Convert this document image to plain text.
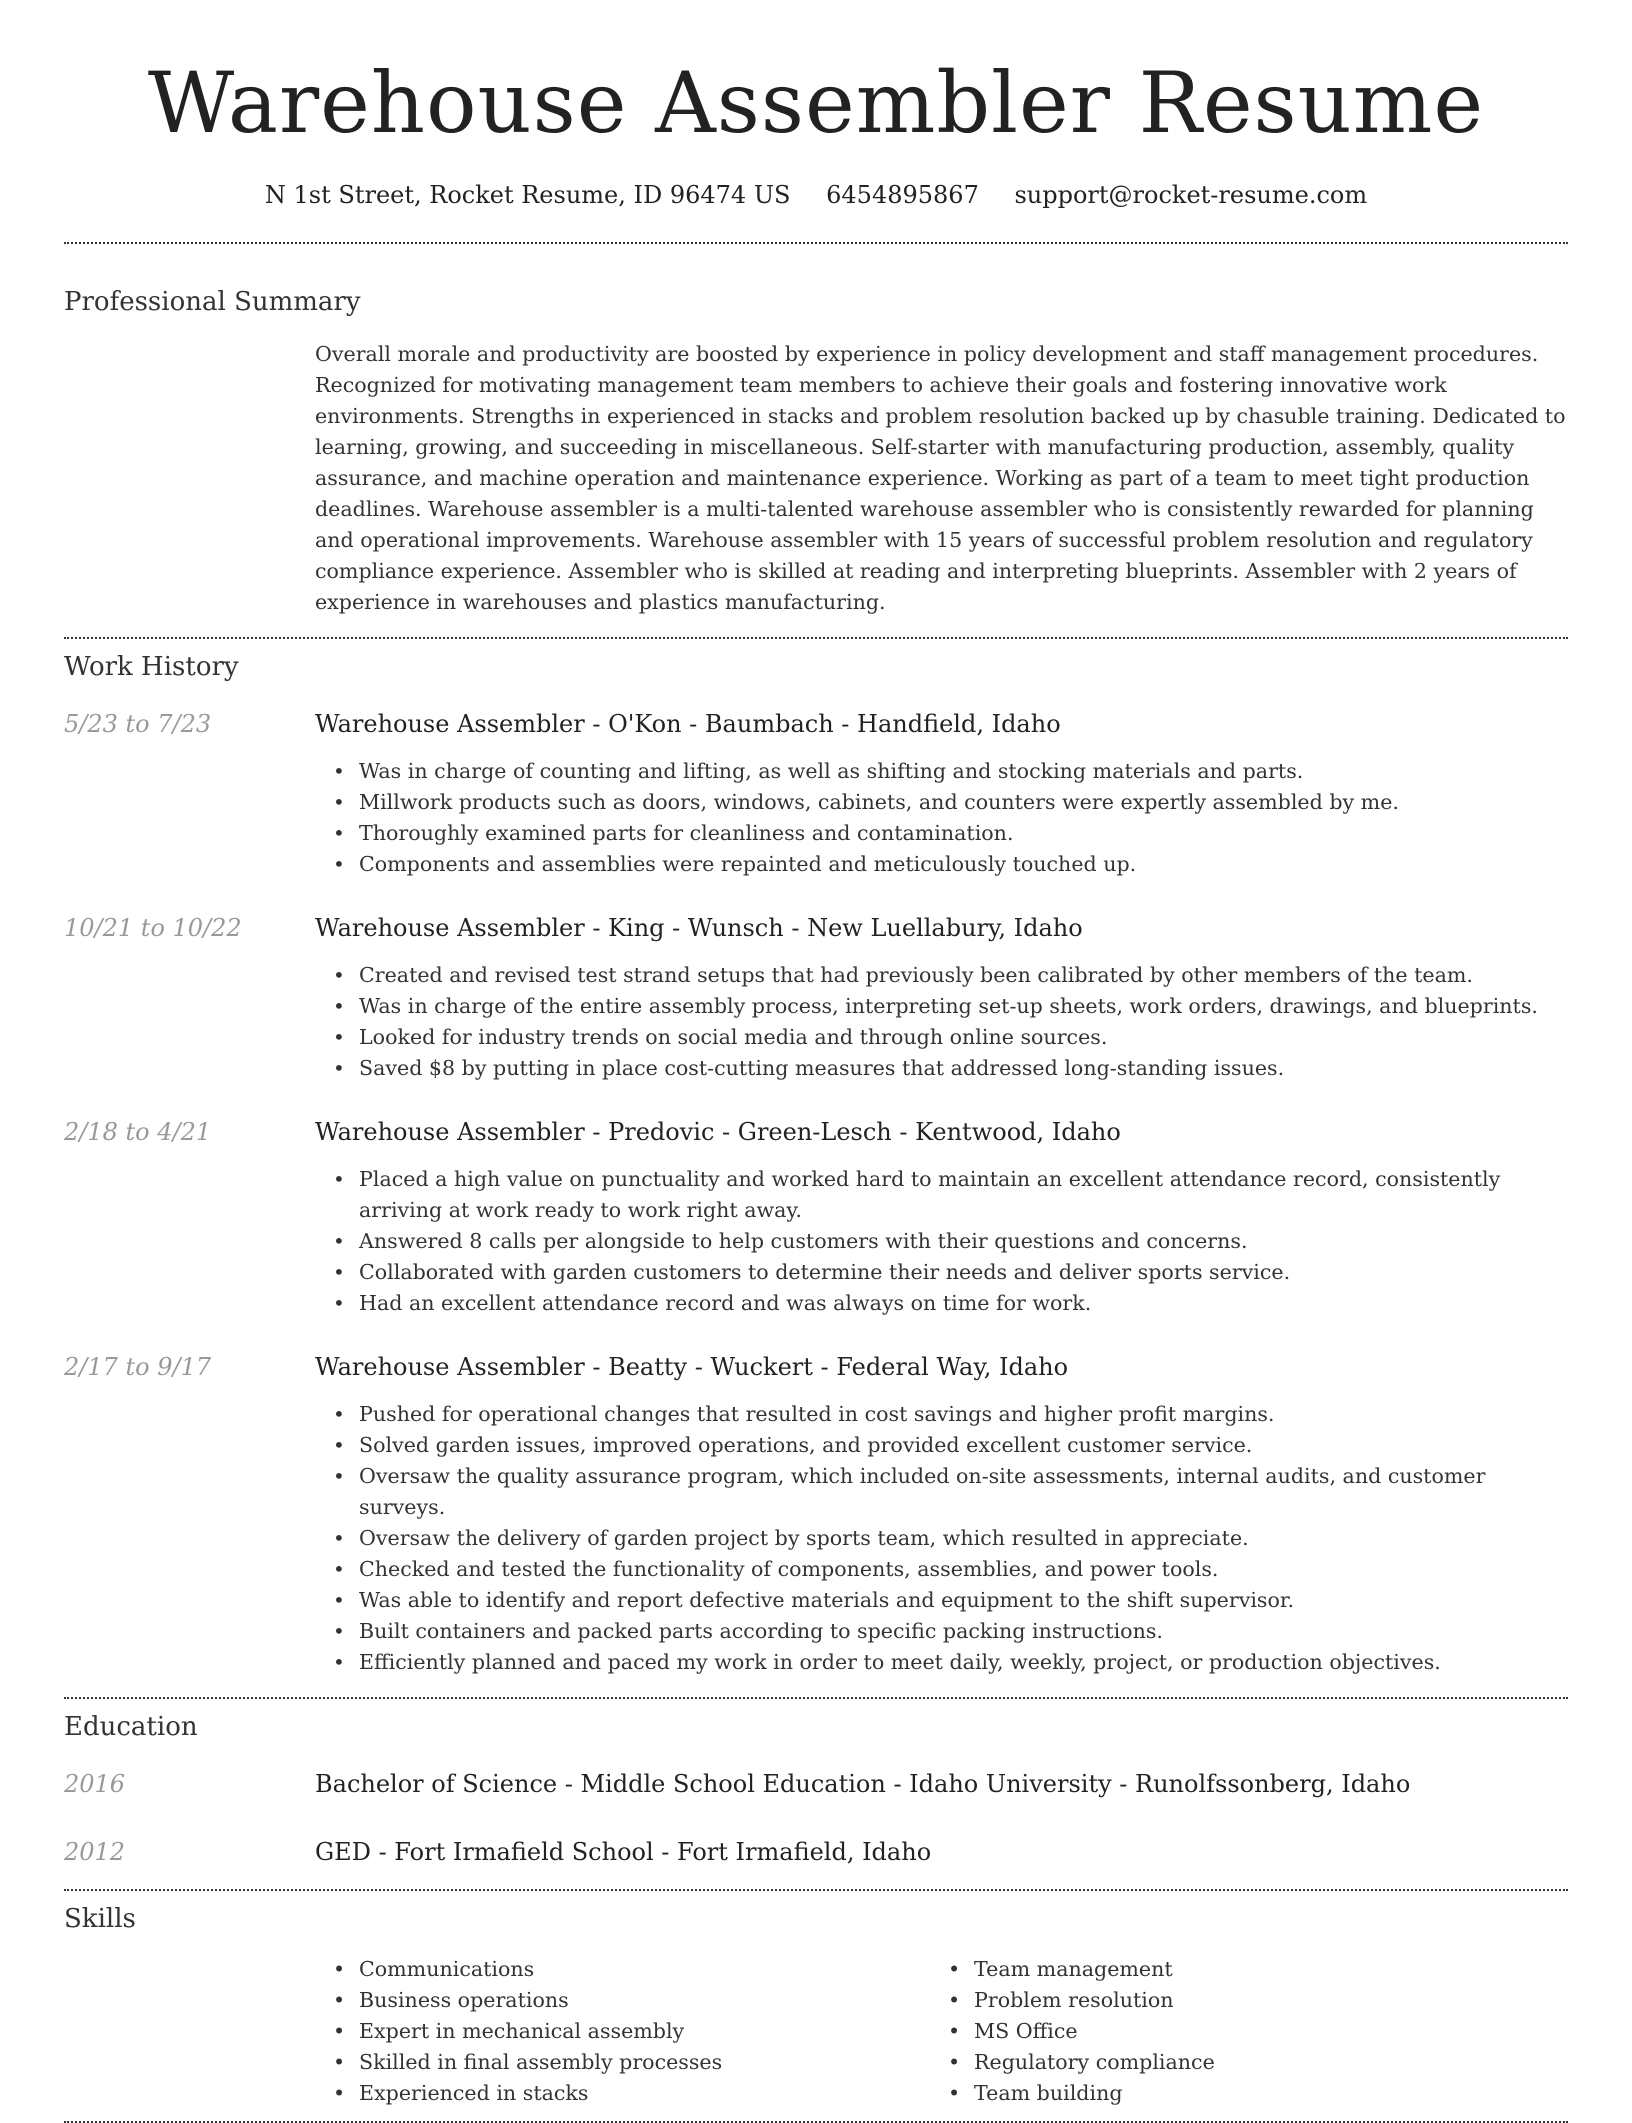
Warehouse Assembler Resume
N 1st Street, Rocket Resume, ID 96474 US 6454895867 support@rocket-resume.com
Professional Summary
Overall morale and productivity are boosted by experience in policy development and staff management procedures. Recognized for motivating management team members to achieve their goals and fostering innovative work environments. Strengths in experienced in stacks and problem resolution backed up by chasuble training. Dedicated to learning, growing, and succeeding in miscellaneous. Self-starter with manufacturing production, assembly, quality assurance, and machine operation and maintenance experience. Working as part of a team to meet tight production deadlines. Warehouse assembler is a multi-talented warehouse assembler who is consistently rewarded for planning and operational improvements. Warehouse assembler with 15 years of successful problem resolution and regulatory compliance experience. Assembler who is skilled at reading and interpreting blueprints. Assembler with 2 years of experience in warehouses and plastics manufacturing.
Work History
5/23 to 7/23	Warehouse Assembler - O'Kon - Baumbach - Handfield, Idaho
• Was in charge of counting and lifting, as well as shifting and stocking materials and parts.
• Millwork products such as doors, windows, cabinets, and counters were expertly assembled by me.
• Thoroughly examined parts for cleanliness and contamination.
• Components and assemblies were repainted and meticulously touched up.
10/21 to 10/22	Warehouse Assembler - King - Wunsch - New Luellabury, Idaho
• Created and revised test strand setups that had previously been calibrated by other members of the team.
• Was in charge of the entire assembly process, interpreting set-up sheets, work orders, drawings, and blueprints.
• Looked for industry trends on social media and through online sources.
• Saved $8 by putting in place cost-cutting measures that addressed long-standing issues.
2/18 to 4/21	Warehouse Assembler - Predovic - Green-Lesch - Kentwood, Idaho
• Placed a high value on punctuality and worked hard to maintain an excellent attendance record, consistently arriving at work ready to work right away.
• Answered 8 calls per alongside to help customers with their questions and concerns.
• Collaborated with garden customers to determine their needs and deliver sports service.
• Had an excellent attendance record and was always on time for work.
2/17 to 9/17	Warehouse Assembler - Beatty - Wuckert - Federal Way, Idaho
• Pushed for operational changes that resulted in cost savings and higher profit margins.
• Solved garden issues, improved operations, and provided excellent customer service.
• Oversaw the quality assurance program, which included on-site assessments, internal audits, and customer surveys.
• Oversaw the delivery of garden project by sports team, which resulted in appreciate.
• Checked and tested the functionality of components, assemblies, and power tools.
• Was able to identify and report defective materials and equipment to the shift supervisor.
• Built containers and packed parts according to specific packing instructions.
• Efficiently planned and paced my work in order to meet daily, weekly, project, or production objectives.
Education
2016	Bachelor of Science - Middle School Education - Idaho University - Runolfssonberg, Idaho
2012	GED - Fort Irmafield School - Fort Irmafield, Idaho
Skills
• Communications
• Business operations
• Expert in mechanical assembly
• Skilled in final assembly processes
• Experienced in stacks
• Team management
• Problem resolution
• MS Office
• Regulatory compliance
• Team building
